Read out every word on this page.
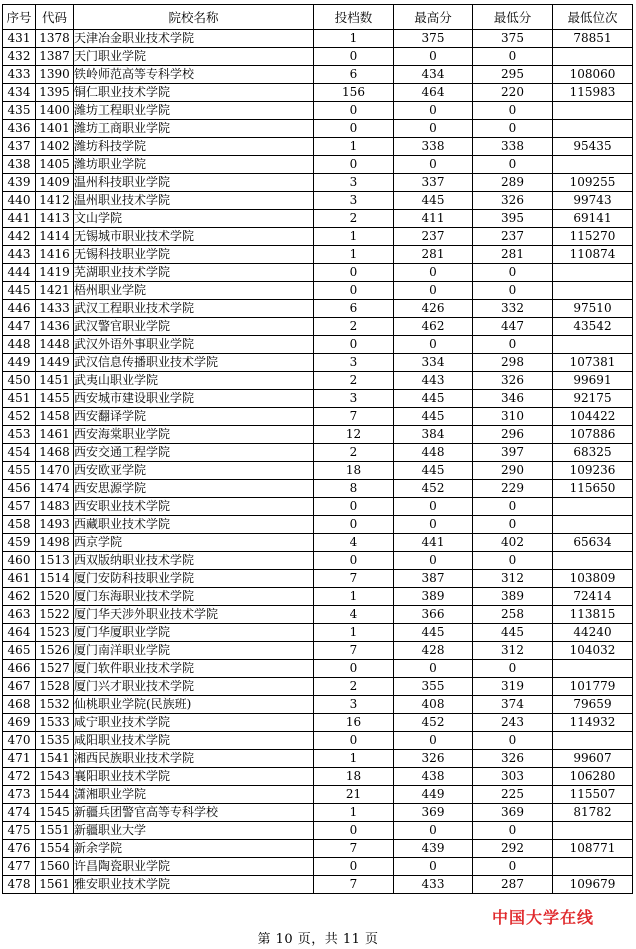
序号	代码	院校名称	投档数	最高分	最低分	最低位次
431	1378	天津冶金职业技术学院	1	375	375	78851
432	1387	天门职业学院	0	0	0	
433	1390	铁岭师范高等专科学校	6	434	295	108060
434	1395	铜仁职业技术学院	156	464	220	115983
435	1400	潍坊工程职业学院	0	0	0	
436	1401	潍坊工商职业学院	0	0	0	
437	1402	潍坊科技学院	1	338	338	95435
438	1405	潍坊职业学院	0	0	0	
439	1409	温州科技职业学院	3	337	289	109255
440	1412	温州职业技术学院	3	445	326	99743
441	1413	文山学院	2	411	395	69141
442	1414	无锡城市职业技术学院	1	237	237	115270
443	1416	无锡科技职业学院	1	281	281	110874
444	1419	芜湖职业技术学院	0	0	0	
445	1421	梧州职业学院	0	0	0	
446	1433	武汉工程职业技术学院	6	426	332	97510
447	1436	武汉警官职业学院	2	462	447	43542
448	1448	武汉外语外事职业学院	0	0	0	
449	1449	武汉信息传播职业技术学院	3	334	298	107381
450	1451	武夷山职业学院	2	443	326	99691
451	1455	西安城市建设职业学院	3	445	346	92175
452	1458	西安翻译学院	7	445	310	104422
453	1461	西安海棠职业学院	12	384	296	107886
454	1468	西安交通工程学院	2	448	397	68325
455	1470	西安欧亚学院	18	445	290	109236
456	1474	西安思源学院	8	452	229	115650
457	1483	西安职业技术学院	0	0	0	
458	1493	西藏职业技术学院	0	0	0	
459	1498	西京学院	4	441	402	65634
460	1513	西双版纳职业技术学院	0	0	0	
461	1514	厦门安防科技职业学院	7	387	312	103809
462	1520	厦门东海职业技术学院	1	389	389	72414
463	1522	厦门华天涉外职业技术学院	4	366	258	113815
464	1523	厦门华厦职业学院	1	445	445	44240
465	1526	厦门南洋职业学院	7	428	312	104032
466	1527	厦门软件职业技术学院	0	0	0	
467	1528	厦门兴才职业技术学院	2	355	319	101779
468	1532	仙桃职业学院(民族班)	3	408	374	79659
469	1533	咸宁职业技术学院	16	452	243	114932
470	1535	咸阳职业技术学院	0	0	0	
471	1541	湘西民族职业技术学院	1	326	326	99607
472	1543	襄阳职业技术学院	18	438	303	106280
473	1544	潇湘职业学院	21	449	225	115507
474	1545	新疆兵团警官高等专科学校	1	369	369	81782
475	1551	新疆职业大学	0	0	0	
476	1554	新余学院	7	439	292	108771
477	1560	许昌陶瓷职业学院	0	0	0	
478	1561	雅安职业技术学院	7	433	287	109679
中国大学在线
第 10 页，共 11 页
